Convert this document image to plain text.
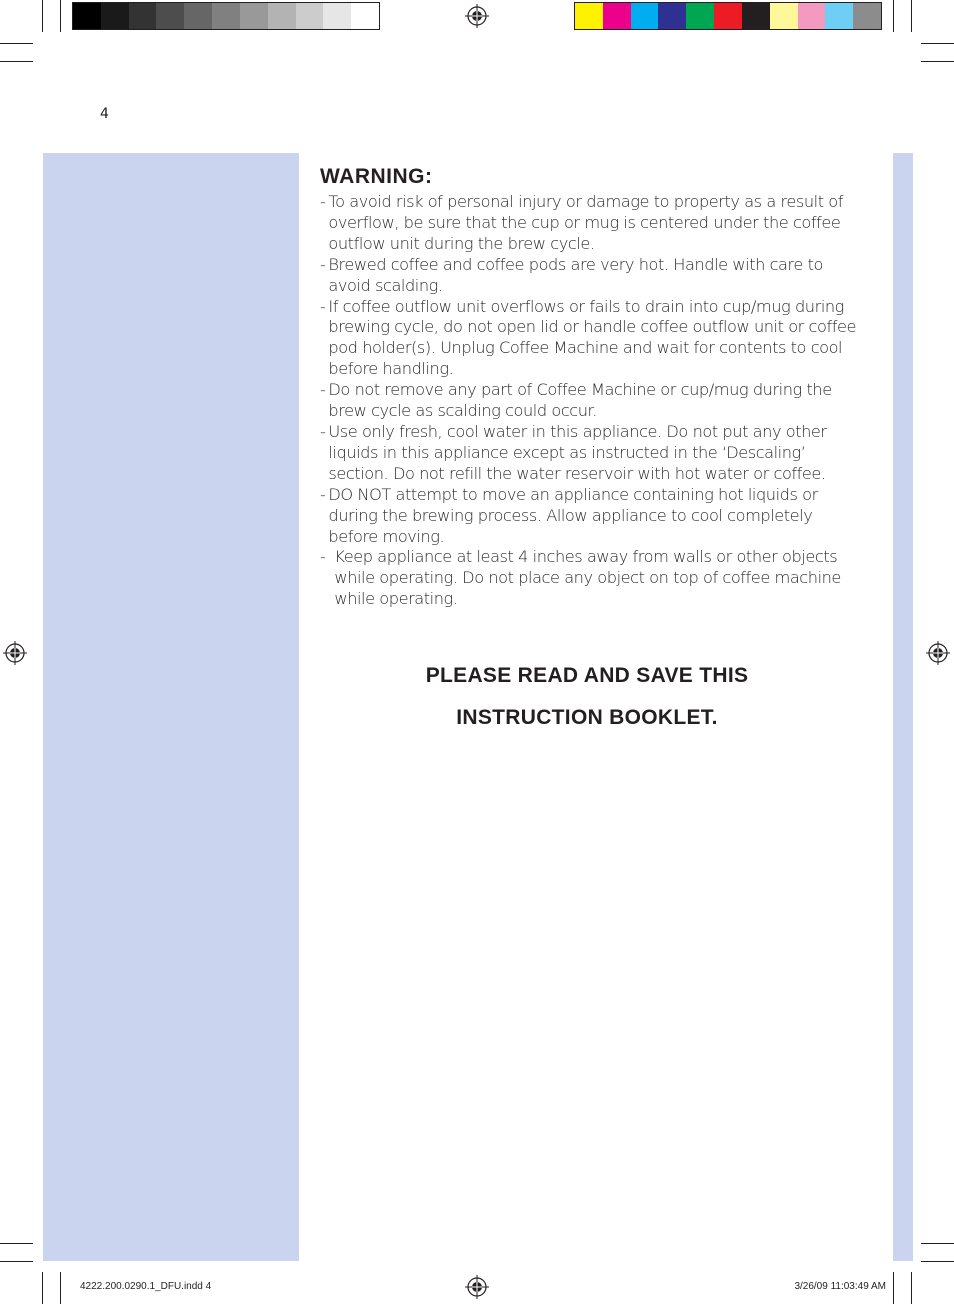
4
WARNING:
- To avoid risk of personal injury or damage to property as a result of overflow, be sure that the cup or mug is centered under the coffee outflow unit during the brew cycle.
- Brewed coffee and coffee pods are very hot. Handle with care to avoid scalding.
- If coffee outflow unit overflows or fails to drain into cup/mug during brewing cycle, do not open lid or handle coffee outflow unit or coffee pod holder(s). Unplug Coffee Machine and wait for contents to cool before handling.
- Do not remove any part of Coffee Machine or cup/mug during the brew cycle as scalding could occur.
- Use only fresh, cool water in this appliance. Do not put any other liquids in this appliance except as instructed in the ‘Descaling’ section. Do not refill the water reservoir with hot water or coffee.
- DO NOT attempt to move an appliance containing hot liquids or during the brewing process. Allow appliance to cool completely before moving.
- Keep appliance at least 4 inches away from walls or other objects while operating. Do not place any object on top of coffee machine while operating.
PLEASE READ AND SAVE THIS
INSTRUCTION BOOKLET.
4222.200.0290.1_DFU.indd 4	3/26/09 11:03:49 AM
